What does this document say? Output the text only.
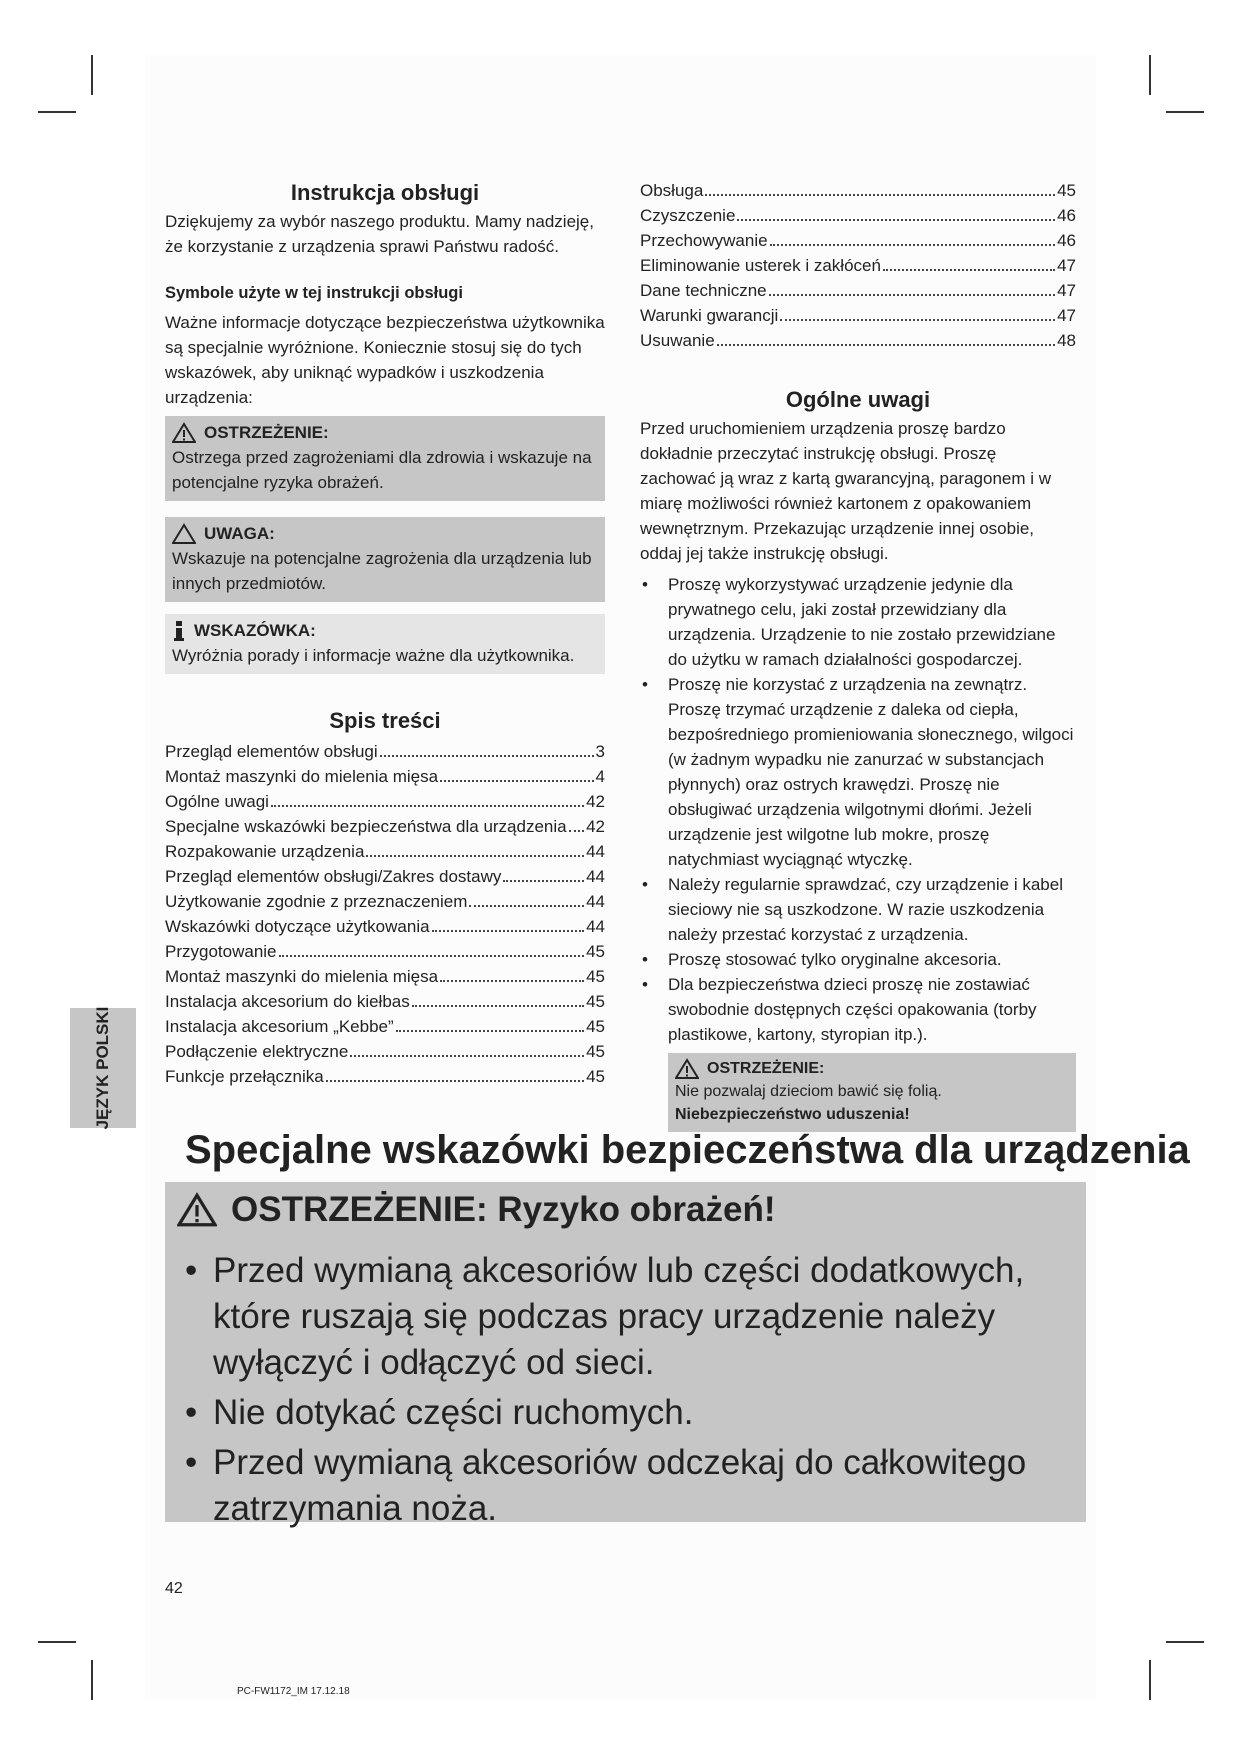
Instrukcja obsługi

Dziękujemy za wybór naszego produktu. Mamy nadzieję, że korzystanie z urządzenia sprawi Państwu radość.

Symbole użyte w tej instrukcji obsługi

Ważne informacje dotyczące bezpieczeństwa użytkownika są specjalnie wyróżnione. Koniecznie stosuj się do tych wskazówek, aby uniknąć wypadków i uszkodzenia urządzenia:

OSTRZEŻENIE:

Ostrzega przed zagrożeniami dla zdrowia i wskazuje na potencjalne ryzyka obrażeń.

UWAGA:

Wskazuje na potencjalne zagrożenia dla urządzenia lub innych przedmiotów.

WSKAZÓWKA:

Wyróżnia porady i informacje ważne dla użytkownika.

Spis treści

Przegląd elementów obsługi	3
Montaż maszynki do mielenia mięsa	4
Ogólne uwagi	42
Specjalne wskazówki bezpieczeństwa dla urządzenia 42
Rozpakowanie urządzenia	44
Przegląd elementów obsługi/Zakres dostawy	44
Użytkowanie zgodnie z przeznaczeniem	44
Wskazówki dotyczące użytkowania	44
Przygotowanie	45
Montaż maszynki do mielenia mięsa	45
Instalacja akcesorium do kiełbas	45
Instalacja akcesorium „Kebbe”	45
Podłączenie elektryczne	45
Funkcje przełącznika	45
Obsługa	45
Czyszczenie	46
Przechowywanie	46
Eliminowanie usterek i zakłóceń	47
Dane techniczne	47
Warunki gwarancji	47
Usuwanie	48

Ogólne uwagi

Przed uruchomieniem urządzenia proszę bardzo dokładnie przeczytać instrukcję obsługi. Proszę zachować ją wraz z kartą gwarancyjną, paragonem i w miarę możliwości również kartonem z opakowaniem wewnętrznym. Przekazując urządzenie innej osobie, oddaj jej także instrukcję obsługi.

• Proszę wykorzystywać urządzenie jedynie dla prywatnego celu, jaki został przewidziany dla urządzenia. Urządzenie to nie zostało przewidziane do użytku w ramach działalności gospodarczej.
• Proszę nie korzystać z urządzenia na zewnątrz. Proszę trzymać urządzenie z daleka od ciepła, bezpośredniego promieniowania słonecznego, wilgoci (w żadnym wypadku nie zanurzać w substancjach płynnych) oraz ostrych krawędzi. Proszę nie obsługiwać urządzenia wilgotnymi dłońmi. Jeżeli urządzenie jest wilgotne lub mokre, proszę natychmiast wyciągnąć wtyczkę.
• Należy regularnie sprawdzać, czy urządzenie i kabel sieciowy nie są uszkodzone. W razie uszkodzenia należy przestać korzystać z urządzenia.
• Proszę stosować tylko oryginalne akcesoria.
• Dla bezpieczeństwa dzieci proszę nie zostawiać swobodnie dostępnych części opakowania (torby plastikowe, kartony, styropian itp.).
OSTRZEŻENIE:

Nie pozwalaj dzieciom bawić się folią. Niebezpieczeństwo uduszenia!

JĘZYK POLSKI
Specjalne wskazówki bezpieczeństwa dla urządzenia
OSTRZEŻENIE: Ryzyko obrażeń!
• Przed wymianą akcesoriów lub części dodatkowych, które ruszają się podczas pracy urządzenie należy wyłączyć i odłączyć od sieci.
• Nie dotykać części ruchomych.
• Przed wymianą akcesoriów odczekaj do całkowitego zatrzymania noża.
42
PC-FW1172_IM 17.12.18
